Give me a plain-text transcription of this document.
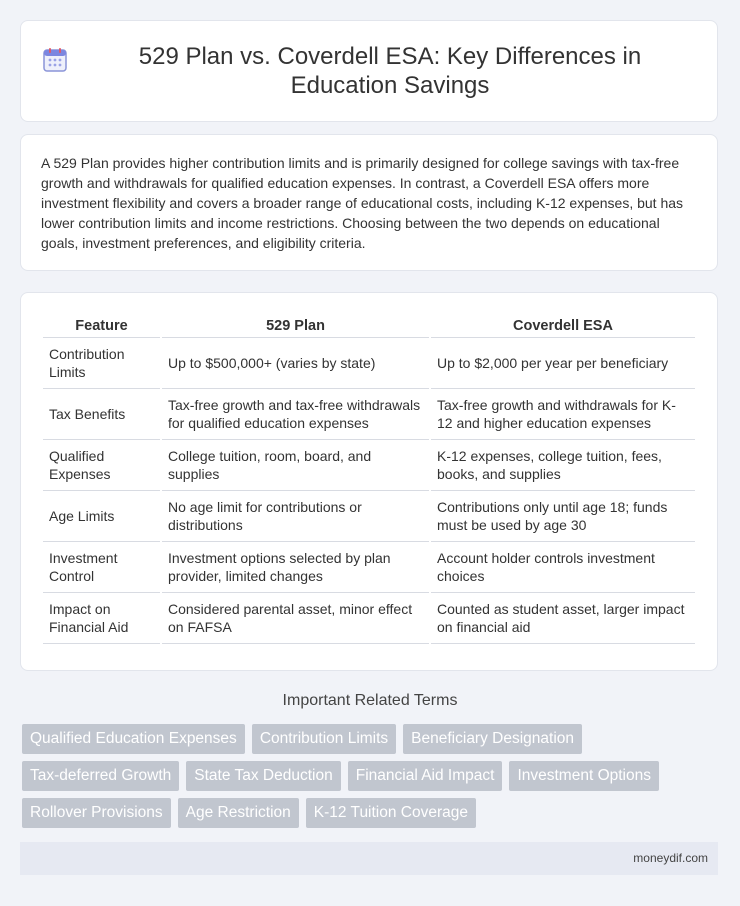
529 Plan vs. Coverdell ESA: Key Differences in Education Savings

A 529 Plan provides higher contribution limits and is primarily designed for college savings with tax-free growth and withdrawals for qualified education expenses. In contrast, a Coverdell ESA offers more investment flexibility and covers a broader range of educational costs, including K-12 expenses, but has lower contribution limits and income restrictions. Choosing between the two depends on educational goals, investment preferences, and eligibility criteria.

Feature	529 Plan	Coverdell ESA
Contribution Limits	Up to $500,000+ (varies by state)	Up to $2,000 per year per beneficiary
Tax Benefits	Tax-free growth and tax-free withdrawals for qualified education expenses	Tax-free growth and withdrawals for K-12 and higher education expenses
Qualified Expenses	College tuition, room, board, and supplies	K-12 expenses, college tuition, fees, books, and supplies
Age Limits	No age limit for contributions or distributions	Contributions only until age 18; funds must be used by age 30
Investment Control	Investment options selected by plan provider, limited changes	Account holder controls investment choices
Impact on Financial Aid	Considered parental asset, minor effect on FAFSA	Counted as student asset, larger impact on financial aid
Important Related Terms
Qualified Education Expenses	Contribution Limits	Beneficiary Designation
Tax-deferred Growth	State Tax Deduction	Financial Aid Impact	Investment Options
Rollover Provisions	Age Restriction	K-12 Tuition Coverage
moneydif.com
